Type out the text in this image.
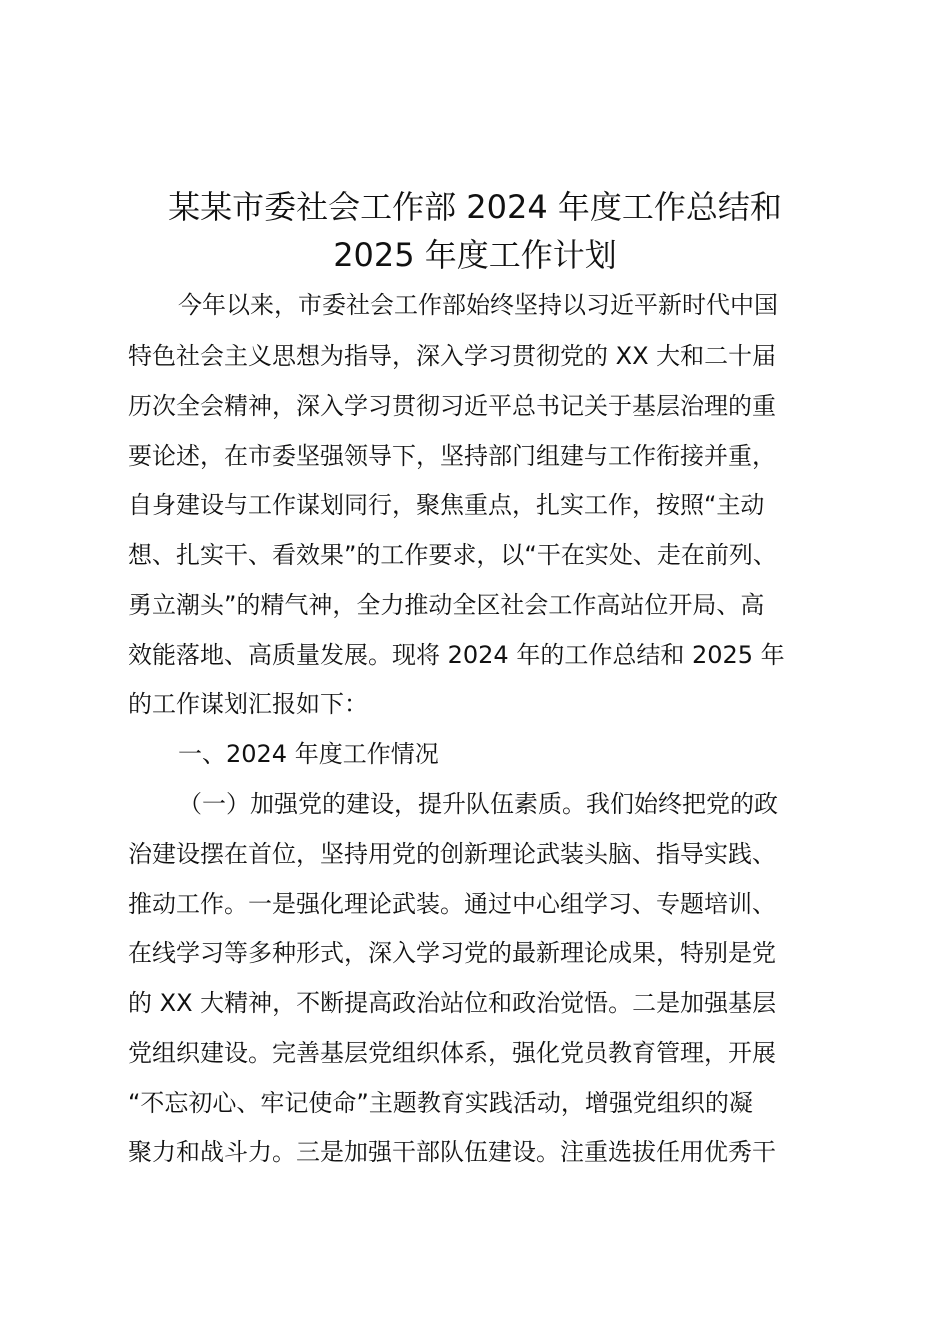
某某市委社会工作部 2024 年度工作总结和
2025 年度工作计划
今年以来，市委社会工作部始终坚持以习近平新时代中国
特色社会主义思想为指导，深入学习贯彻党的 XX 大和二十届
历次全会精神，深入学习贯彻习近平总书记关于基层治理的重
要论述，在市委坚强领导下，坚持部门组建与工作衔接并重，
自身建设与工作谋划同行，聚焦重点，扎实工作，按照“主动
想、扎实干、看效果”的工作要求，以“干在实处、走在前列、
勇立潮头”的精气神，全力推动全区社会工作高站位开局、高
效能落地、高质量发展。现将 2024 年的工作总结和 2025 年
的工作谋划汇报如下：
一、2024 年度工作情况
（一）加强党的建设，提升队伍素质。我们始终把党的政
治建设摆在首位，坚持用党的创新理论武装头脑、指导实践、
推动工作。一是强化理论武装。通过中心组学习、专题培训、
在线学习等多种形式，深入学习党的最新理论成果，特别是党
的 XX 大精神，不断提高政治站位和政治觉悟。二是加强基层
党组织建设。完善基层党组织体系，强化党员教育管理，开展
“不忘初心、牢记使命”主题教育实践活动，增强党组织的凝
聚力和战斗力。三是加强干部队伍建设。注重选拔任用优秀干
